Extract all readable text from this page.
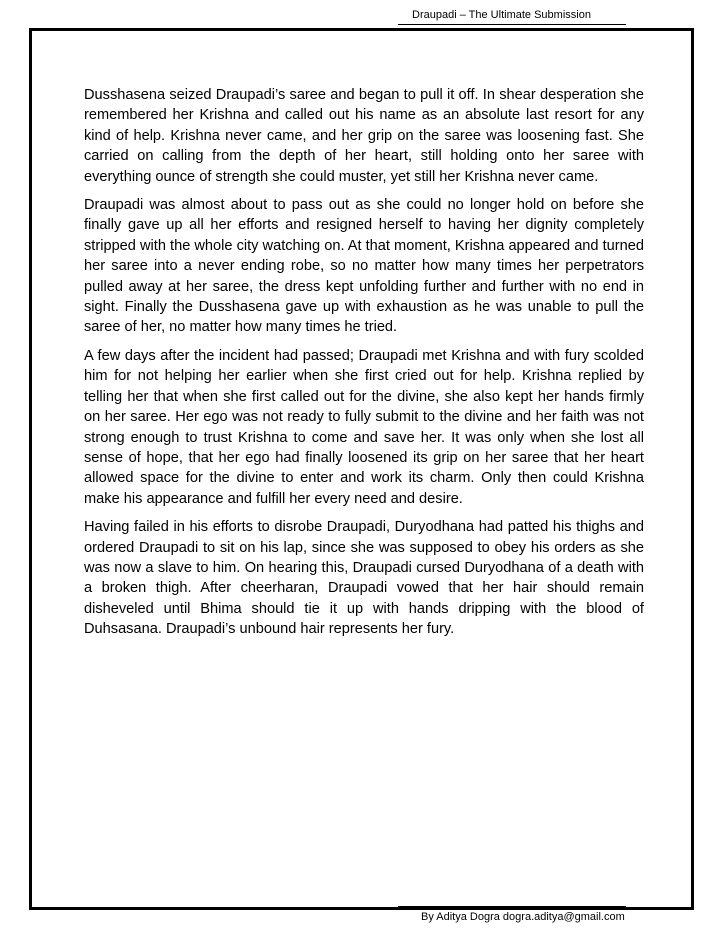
Draupadi – The Ultimate Submission

Dusshasena seized Draupadi’s saree and began to pull it off. In shear desperation she remembered her Krishna and called out his name as an absolute last resort for any kind of help. Krishna never came, and her grip on the saree was loosening fast. She carried on calling from the depth of her heart, still holding onto her saree with everything ounce of strength she could muster, yet still her Krishna never came.

Draupadi was almost about to pass out as she could no longer hold on before she finally gave up all her efforts and resigned herself to having her dignity completely stripped with the whole city watching on. At that moment, Krishna appeared and turned her saree into a never ending robe, so no matter how many times her perpetrators pulled away at her saree, the dress kept unfolding further and further with no end in sight. Finally the Dusshasena gave up with exhaustion as he was unable to pull the saree of her, no matter how many times he tried.

A few days after the incident had passed; Draupadi met Krishna and with fury scolded him for not helping her earlier when she first cried out for help. Krishna replied by telling her that when she first called out for the divine, she also kept her hands firmly on her saree. Her ego was not ready to fully submit to the divine and her faith was not strong enough to trust Krishna to come and save her. It was only when she lost all sense of hope, that her ego had finally loosened its grip on her saree that her heart allowed space for the divine to enter and work its charm. Only then could Krishna make his appearance and fulfill her every need and desire.

Having failed in his efforts to disrobe Draupadi, Duryodhana had patted his thighs and ordered Draupadi to sit on his lap, since she was supposed to obey his orders as she was now a slave to him. On hearing this, Draupadi cursed Duryodhana of a death with a broken thigh. After cheerharan, Draupadi vowed that her hair should remain disheveled until Bhima should tie it up with hands dripping with the blood of Duhsasana. Draupadi’s unbound hair represents her fury.

By Aditya Dogra dogra.aditya@gmail.com
